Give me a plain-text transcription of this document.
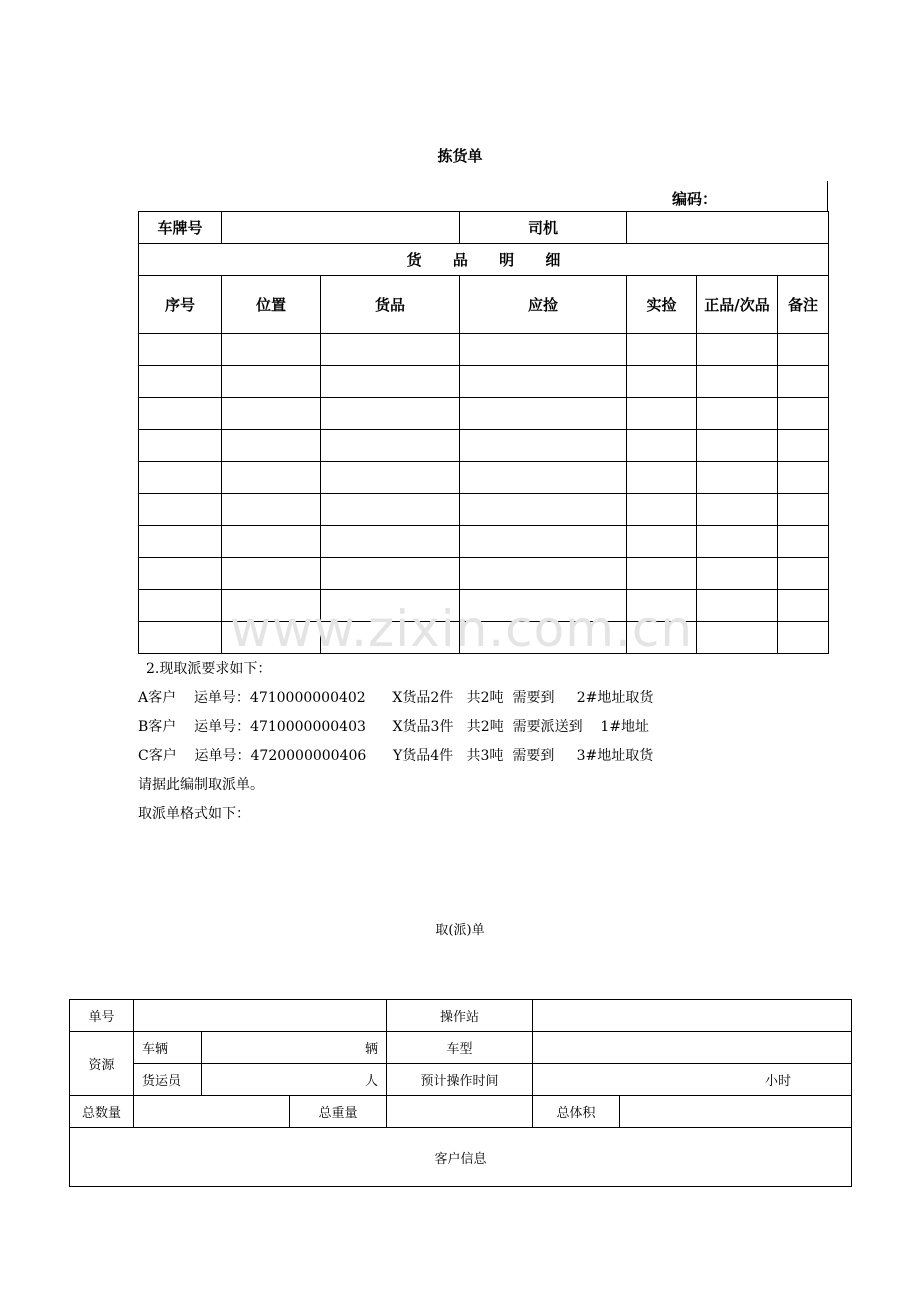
拣货单
编码：
车牌号			司机			
货 品 明 细						
序号	位置	货品	应捡	实捡	正品/次品	备注

www.zixin.com.cn
2.现取派要求如下：
A客户    运单号：4710000000402      X货品2件   共2吨  需要到     2#地址取货
B客户    运单号：4710000000403      X货品3件   共2吨  需要派送到    1#地址
C客户    运单号：4720000000406      Y货品4件   共3吨  需要到     3#地址取货
请据此编制取派单。
取派单格式如下：
取(派)单
单号				操作站		
资源	车辆	辆		车型		
	货运员	人		预计操作时间	小时	
总数量			总重量		总体积	
客户信息						
